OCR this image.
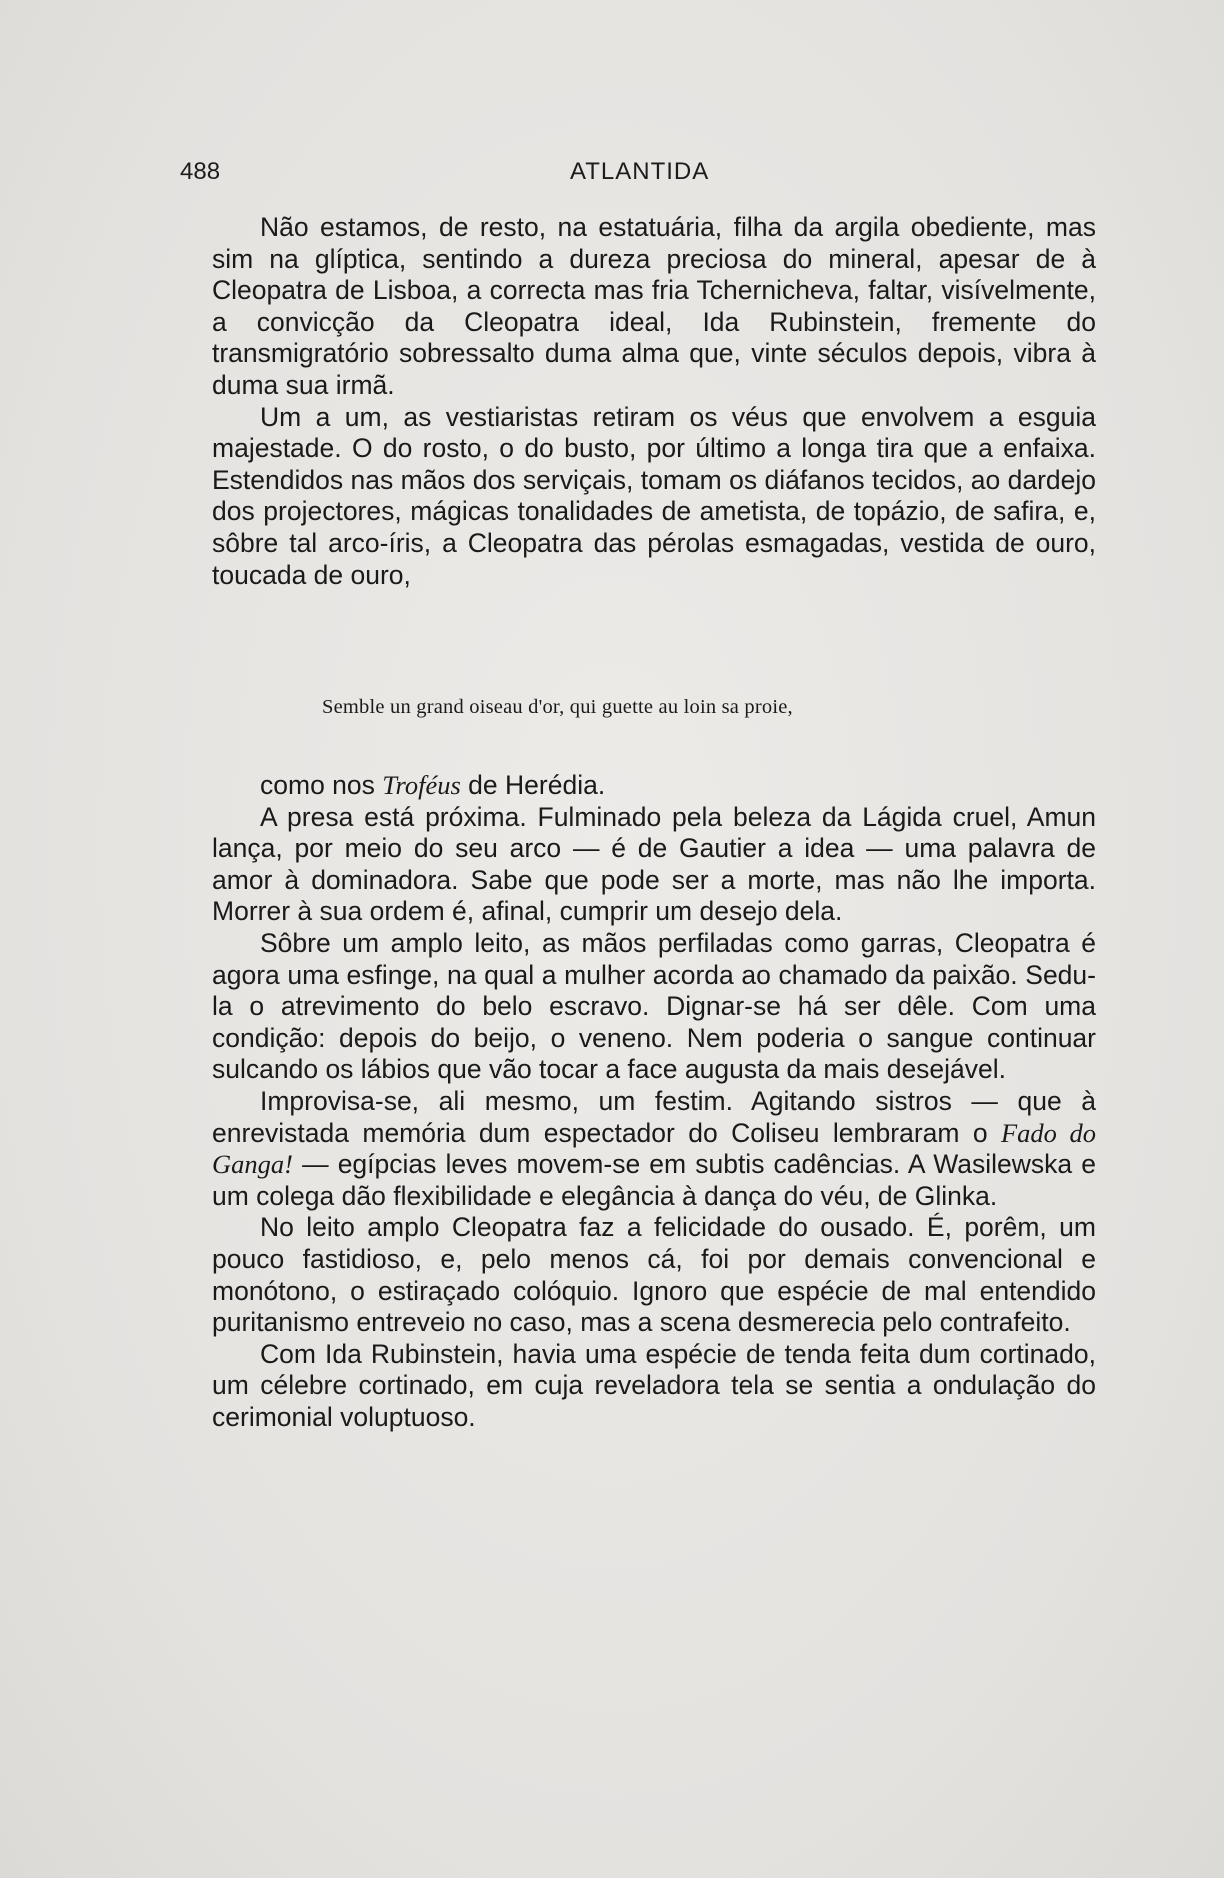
488	ATLANTIDA

Não estamos, de resto, na estatuária, filha da argila obediente, mas sim na glíptica, sentindo a dureza preciosa do mineral, apesar de à Cleopatra de Lisboa, a correcta mas fria Tchernicheva, faltar, visívelmente, a convicção da Cleopatra ideal, Ida Rubinstein, fremente do transmigratório sobressalto duma alma que, vinte séculos depois, vibra à duma sua irmã.

Um a um, as vestiaristas retiram os véus que envolvem a esguia majestade. O do rosto, o do busto, por último a longa tira que a enfaixa. Estendidos nas mãos dos serviçais, tomam os diáfanos tecidos, ao dardejo dos projectores, mágicas tonalidades de ametista, de topázio, de safira, e, sôbre tal arco-íris, a Cleopatra das pérolas esmagadas, vestida de ouro, toucada de ouro,

Semble un grand oiseau d'or, qui guette au loin sa proie,

como nos Troféus de Herédia.

A presa está próxima. Fulminado pela beleza da Lágida cruel, Amun lança, por meio do seu arco — é de Gautier a idea — uma palavra de amor à dominadora. Sabe que pode ser a morte, mas não lhe importa. Morrer à sua ordem é, afinal, cumprir um desejo dela.

Sôbre um amplo leito, as mãos perfiladas como garras, Cleopatra é agora uma esfinge, na qual a mulher acorda ao chamado da paixão. Sedu-la o atrevimento do belo escravo. Dignar-se há ser dêle. Com uma condição: depois do beijo, o veneno. Nem poderia o sangue continuar sulcando os lábios que vão tocar a face augusta da mais desejável.

Improvisa-se, ali mesmo, um festim. Agitando sistros — que à enrevistada memória dum espectador do Coliseu lembraram o Fado do Ganga! — egípcias leves movem-se em subtis cadências. A Wasilewska e um colega dão flexibilidade e elegância à dança do véu, de Glinka.

No leito amplo Cleopatra faz a felicidade do ousado. É, porêm, um pouco fastidioso, e, pelo menos cá, foi por demais convencional e monótono, o estiraçado colóquio. Ignoro que espécie de mal entendido puritanismo entreveio no caso, mas a scena desmerecia pelo contrafeito.

Com Ida Rubinstein, havia uma espécie de tenda feita dum cortinado, um célebre cortinado, em cuja reveladora tela se sentia a ondulação do cerimonial voluptuoso.
